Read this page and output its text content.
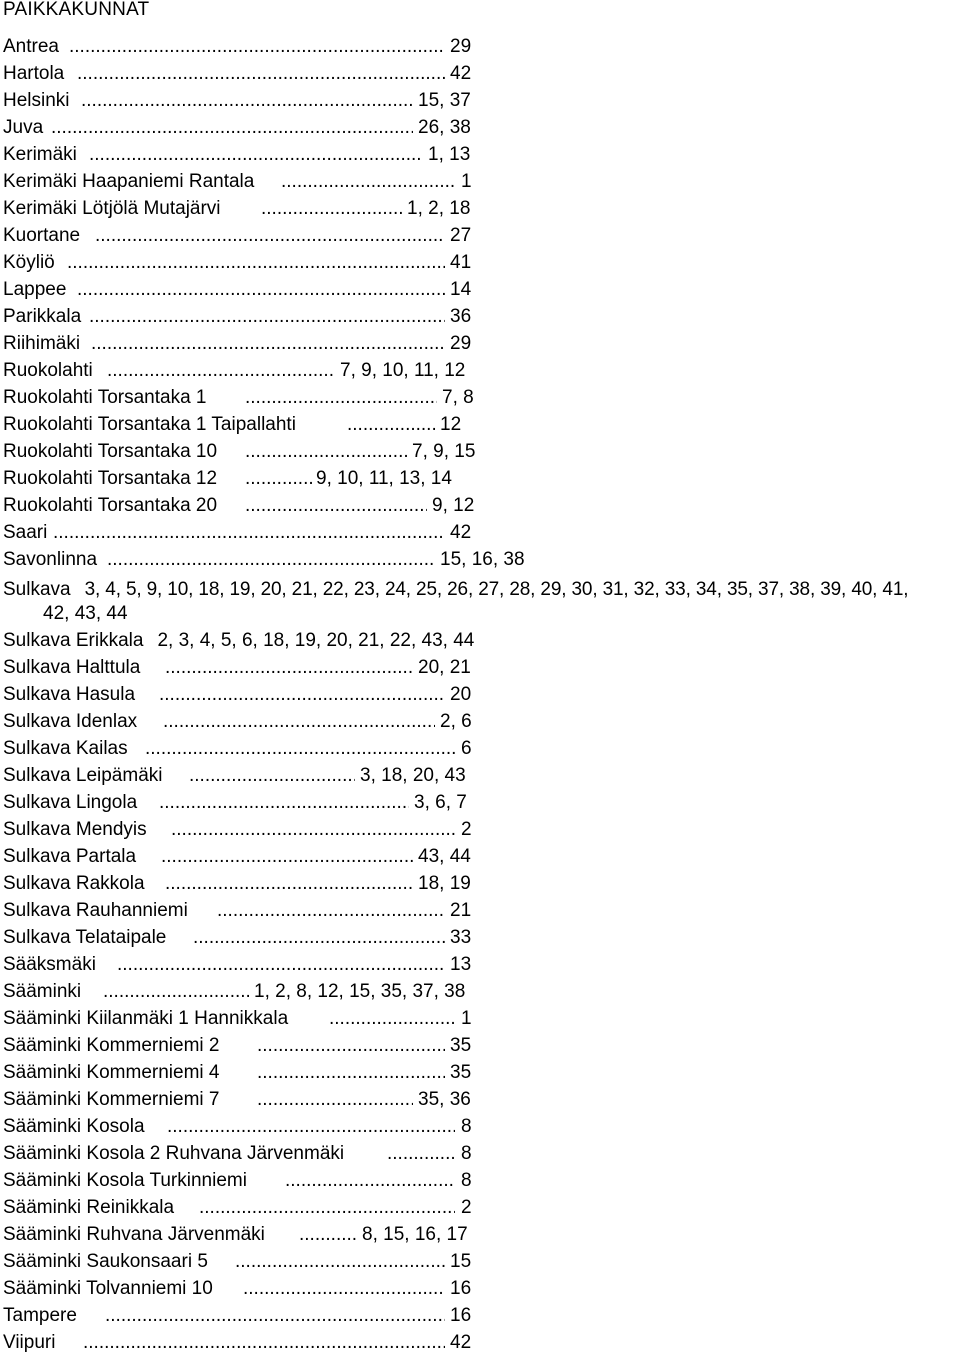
PAIKKAKUNNAT
Antrea .....	29
Hartola .....	42
Helsinki .....	15, 37
Juva .....	26, 38
Kerimäki .....	1, 13
Kerimäki Haapaniemi Rantala .....	1
Kerimäki Lötjölä Mutajärvi .....	1, 2, 18
Kuortane .....	27
Köyliö .....	41
Lappee .....	14
Parikkala .....	36
Riihimäki .....	29
Ruokolahti .....	7, 9, 10, 11, 12
Ruokolahti Torsantaka 1 .....	7, 8
Ruokolahti Torsantaka 1 Taipallahti .....	12
Ruokolahti Torsantaka 10 .....	7, 9, 15
Ruokolahti Torsantaka 12 .....	9, 10, 11, 13, 14
Ruokolahti Torsantaka 20 .....	9, 12
Saari .....	42
Savonlinna .....	15, 16, 38
Sulkava 3, 4, 5, 9, 10, 18, 19, 20, 21, 22, 23, 24, 25, 26, 27, 28, 29, 30, 31, 32, 33, 34, 35, 37, 38, 39, 40, 41,
42, 43, 44
Sulkava Erikkala 2, 3, 4, 5, 6, 18, 19, 20, 21, 22, 43, 44
Sulkava Halttula .....	20, 21
Sulkava Hasula .....	20
Sulkava Idenlax .....	2, 6
Sulkava Kailas .....	6
Sulkava Leipämäki .....	3, 18, 20, 43
Sulkava Lingola .....	3, 6, 7
Sulkava Mendyis .....	2
Sulkava Partala .....	43, 44
Sulkava Rakkola .....	18, 19
Sulkava Rauhanniemi .....	21
Sulkava Telataipale .....	33
Sääksmäki .....	13
Sääminki .....	1, 2, 8, 12, 15, 35, 37, 38
Sääminki Kiilanmäki 1 Hannikkala .....	1
Sääminki Kommerniemi 2 .....	35
Sääminki Kommerniemi 4 .....	35
Sääminki Kommerniemi 7 .....	35, 36
Sääminki Kosola .....	8
Sääminki Kosola 2 Ruhvana Järvenmäki .....	8
Sääminki Kosola Turkinniemi .....	8
Sääminki Reinikkala .....	2
Sääminki Ruhvana Järvenmäki .....	8, 15, 16, 17
Sääminki Saukonsaari 5 .....	15
Sääminki Tolvanniemi 10 .....	16
Tampere .....	16
Viipuri .....	42
